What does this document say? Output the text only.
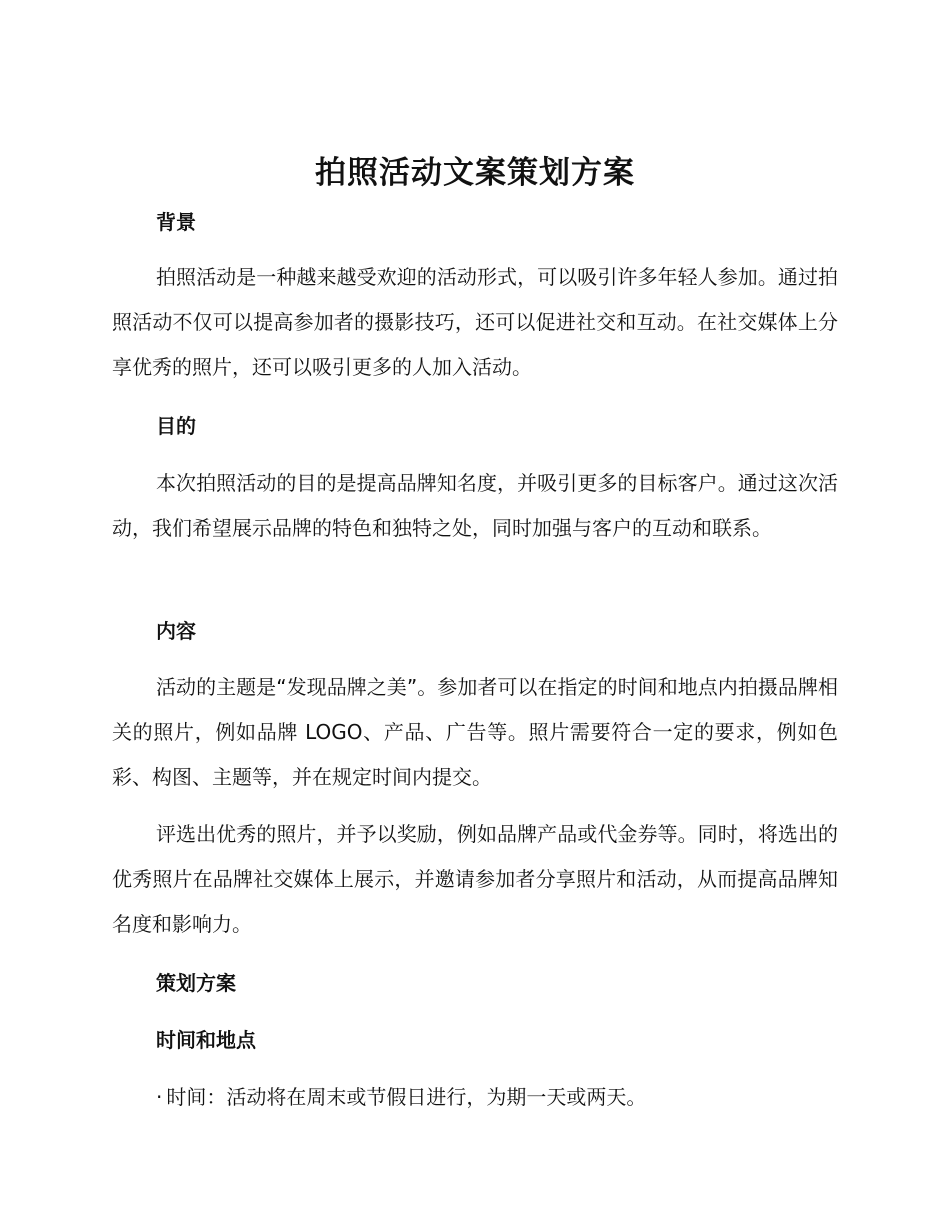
拍照活动文案策划方案
背景

拍照活动是一种越来越受欢迎的活动形式，可以吸引许多年轻人参加。通过拍照活动不仅可以提高参加者的摄影技巧，还可以促进社交和互动。在社交媒体上分享优秀的照片，还可以吸引更多的人加入活动。

目的

本次拍照活动的目的是提高品牌知名度，并吸引更多的目标客户。通过这次活动，我们希望展示品牌的特色和独特之处，同时加强与客户的互动和联系。

内容

活动的主题是“发现品牌之美”。参加者可以在指定的时间和地点内拍摄品牌相关的照片，例如品牌 LOGO、产品、广告等。照片需要符合一定的要求，例如色彩、构图、主题等，并在规定时间内提交。

评选出优秀的照片，并予以奖励，例如品牌产品或代金券等。同时，将选出的优秀照片在品牌社交媒体上展示，并邀请参加者分享照片和活动，从而提高品牌知名度和影响力。

策划方案
时间和地点

· 时间：活动将在周末或节假日进行，为期一天或两天。
